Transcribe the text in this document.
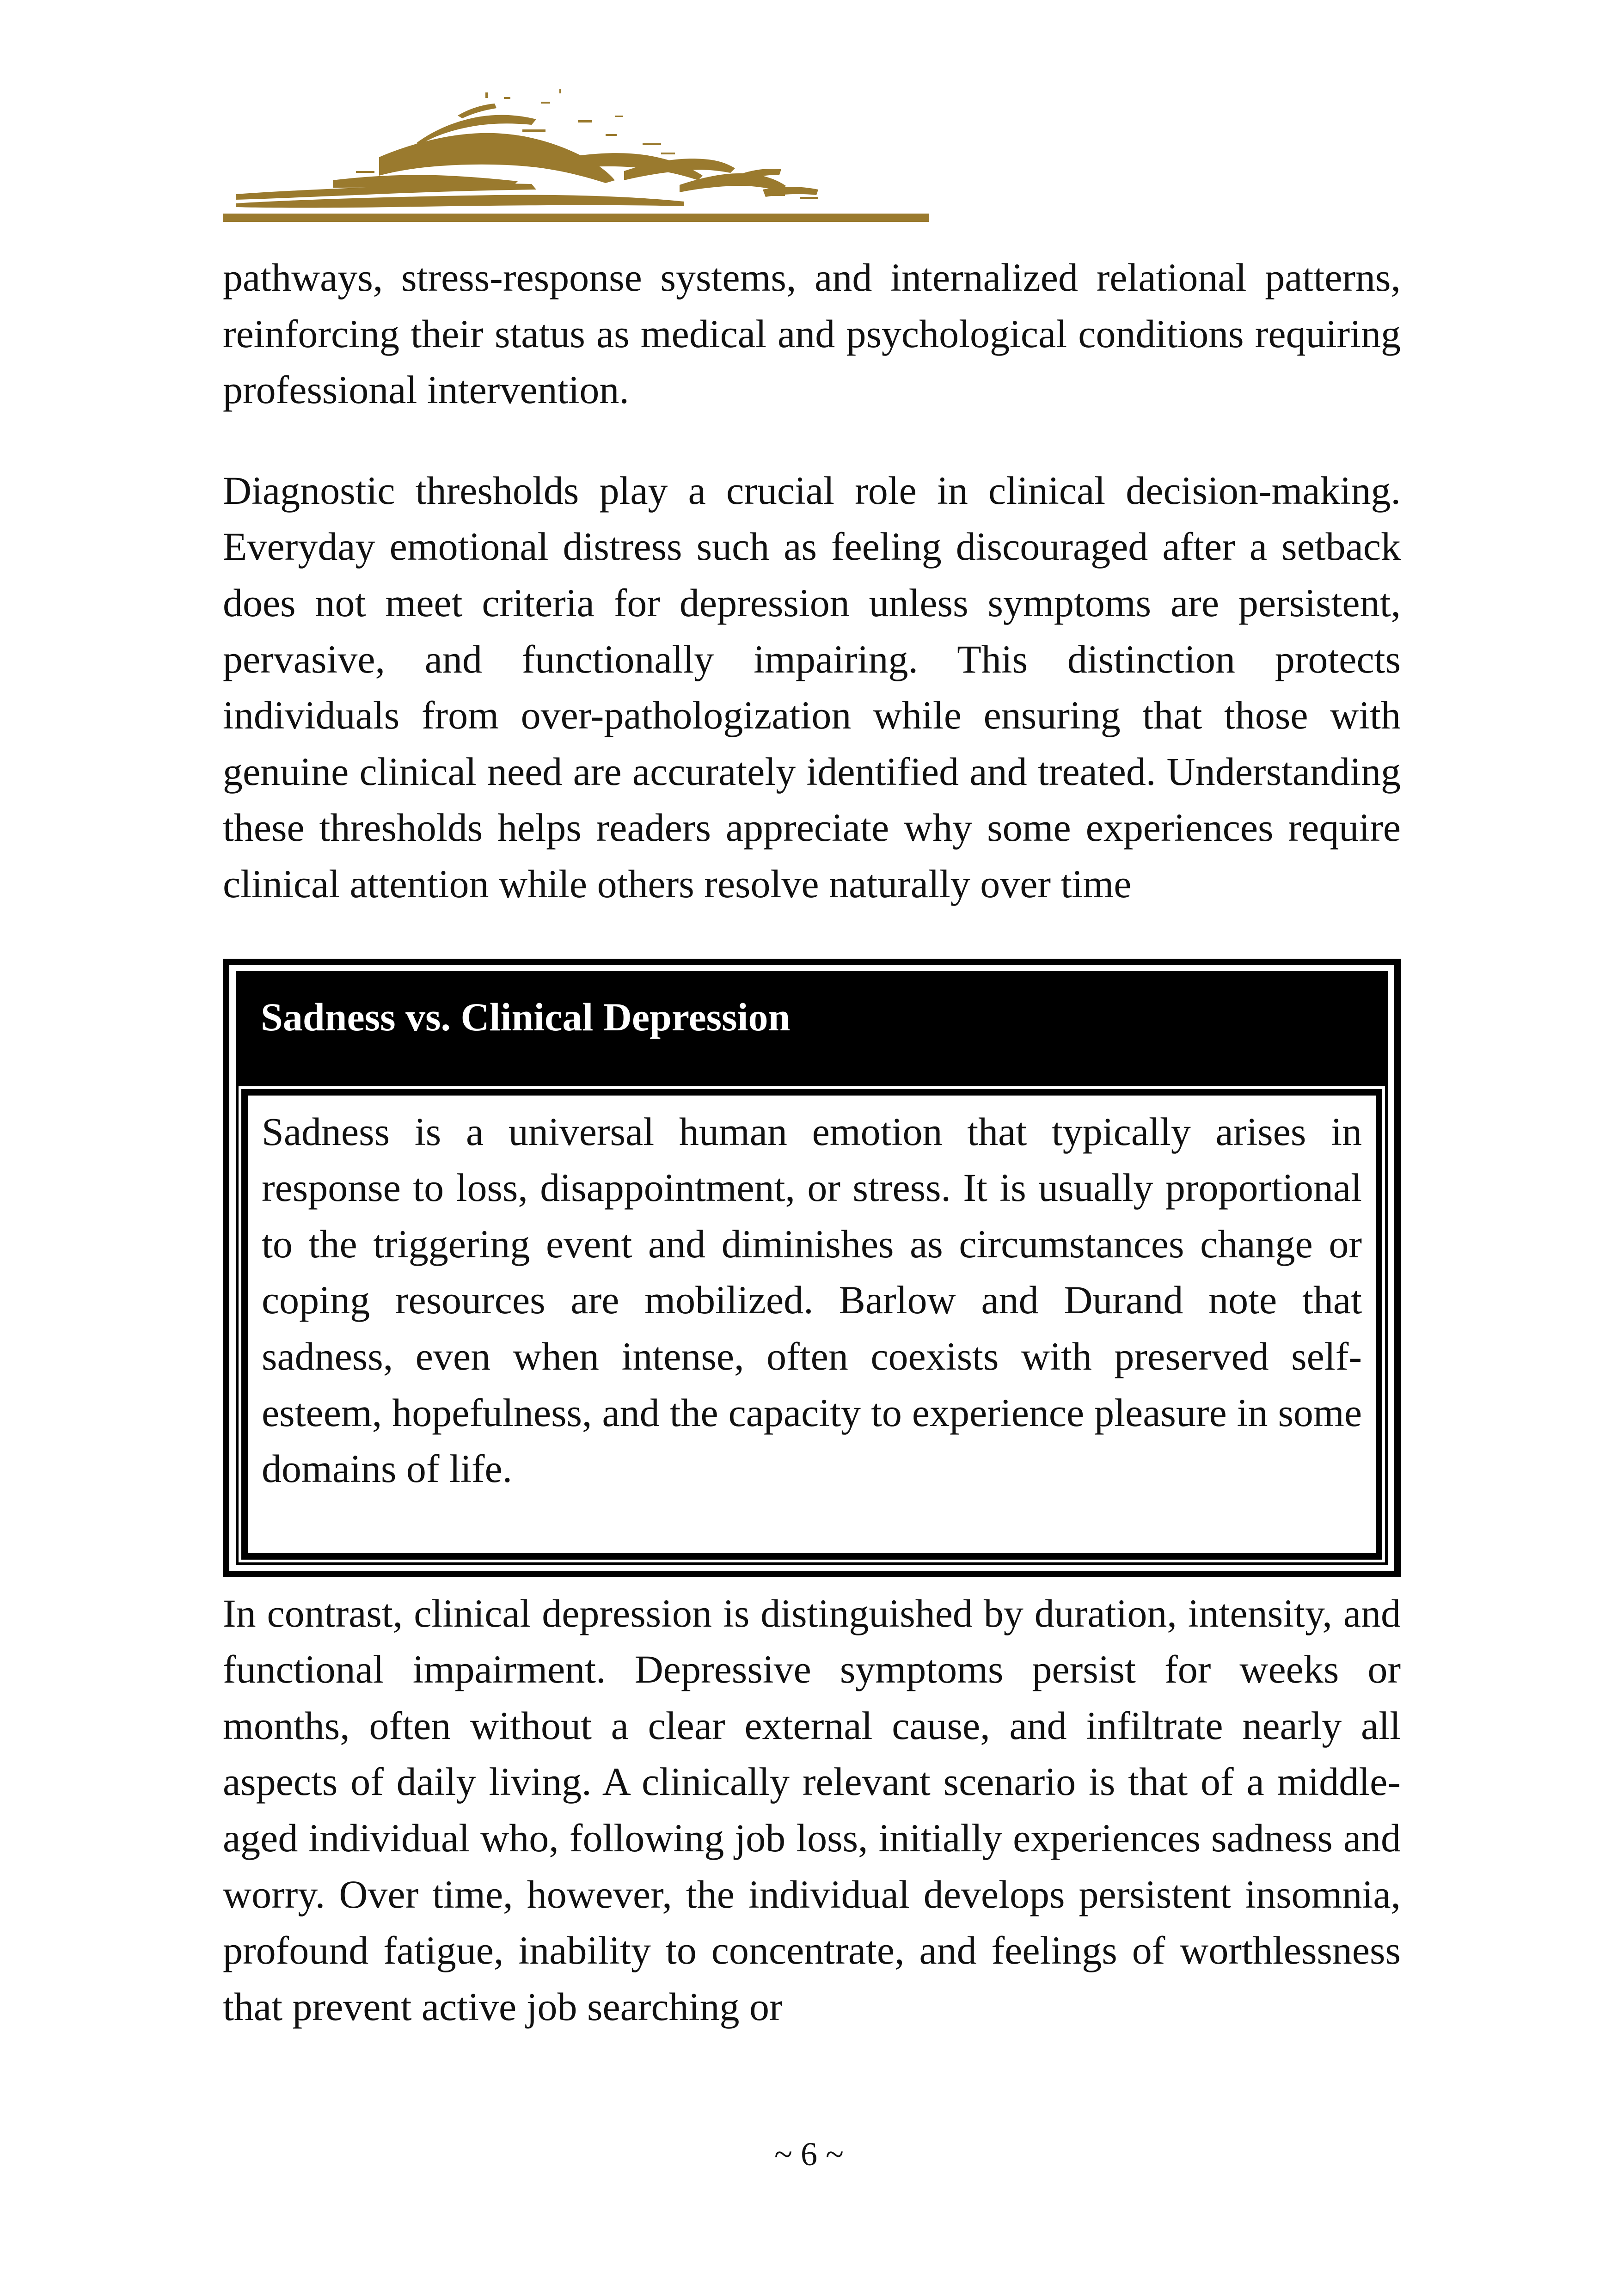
pathways, stress-response systems, and internalized relational patterns, reinforcing their status as medical and psychological conditions requiring professional intervention.

Diagnostic thresholds play a crucial role in clinical decision-making. Everyday emotional distress such as feeling discouraged after a setback does not meet criteria for depression unless symptoms are persistent, pervasive, and functionally impairing. This distinction protects individuals from over-pathologization while ensuring that those with genuine clinical need are accurately identified and treated. Understanding these thresholds helps readers appreciate why some experiences require clinical attention while others resolve naturally over time

Sadness vs. Clinical Depression

Sadness is a universal human emotion that typically arises in response to loss, disappointment, or stress. It is usually proportional to the triggering event and diminishes as circumstances change or coping resources are mobilized. Barlow and Durand note that sadness, even when intense, often coexists with preserved self-esteem, hopefulness, and the capacity to experience pleasure in some domains of life.

In contrast, clinical depression is distinguished by duration, intensity, and functional impairment. Depressive symptoms persist for weeks or months, often without a clear external cause, and infiltrate nearly all aspects of daily living. A clinically relevant scenario is that of a middle-aged individual who, following job loss, initially experiences sadness and worry. Over time, however, the individual develops persistent insomnia, profound fatigue, inability to concentrate, and feelings of worthlessness that prevent active job searching or

~ 6 ~
